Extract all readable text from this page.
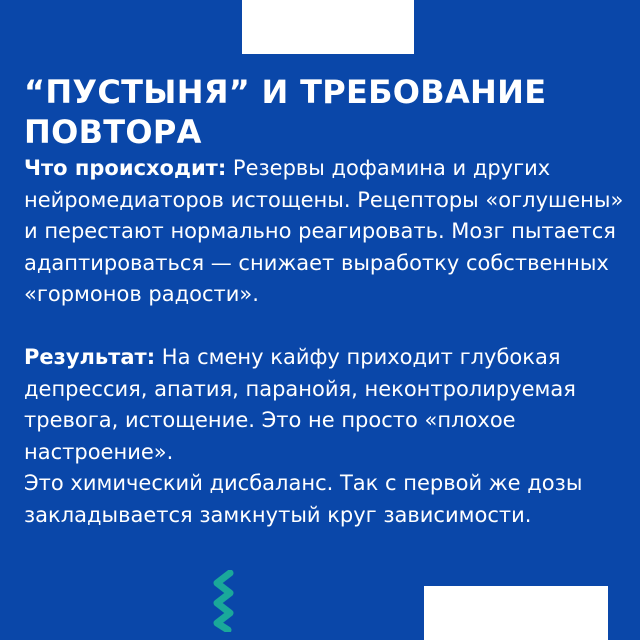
“ПУСТЫНЯ” И ТРЕБОВАНИЕ ПОВТОРА

Что происходит: Резервы дофамина и других нейромедиаторов истощены. Рецепторы «оглушены» и перестают нормально реагировать. Мозг пытается адаптироваться — снижает выработку собственных «гормонов радости».

Результат: На смену кайфу приходит глубокая депрессия, апатия, паранойя, неконтролируемая тревога, истощение. Это не просто «плохое настроение».

Это химический дисбаланс. Так с первой же дозы закладывается замкнутый круг зависимости.
